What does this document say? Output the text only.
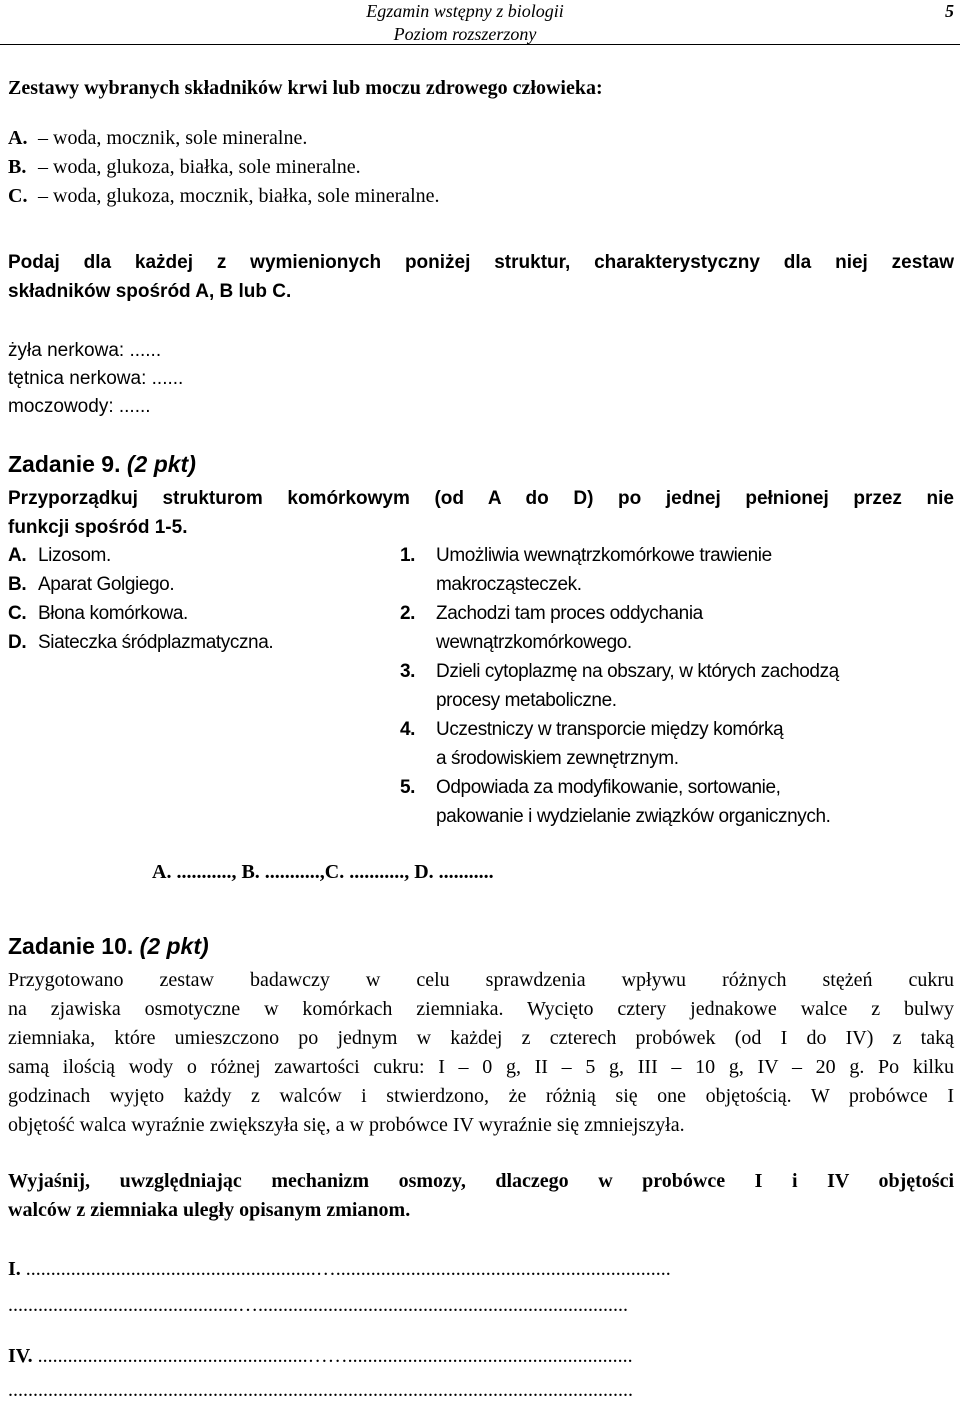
Egzamin wstępny z biologii
Poziom rozszerzony
5
Zestawy wybranych składników krwi lub moczu zdrowego człowieka:
A. – woda, mocznik, sole mineralne.
B. – woda, glukoza, białka, sole mineralne.
C. – woda, glukoza, mocznik, białka, sole mineralne.
Podaj dla każdej z wymienionych poniżej struktur, charakterystyczny dla niej zestaw
składników spośród A, B lub C.
żyła nerkowa: ......
tętnica nerkowa: ......
moczowody: ......
Zadanie 9. (2 pkt)
Przyporządkuj strukturom komórkowym (od A do D) po jednej pełnionej przez nie
funkcji spośród 1-5.
A. Lizosom.
B. Aparat Golgiego.
C. Błona komórkowa.
D. Siateczka śródplazmatyczna.
1. Umożliwia wewnątrzkomórkowe trawienie
makrocząsteczek.
2. Zachodzi tam proces oddychania
wewnątrzkomórkowego.
3. Dzieli cytoplazmę na obszary, w których zachodzą
procesy metaboliczne.
4. Uczestniczy w transporcie między komórką
a środowiskiem zewnętrznym.
5. Odpowiada za modyfikowanie, sortowanie,
pakowanie i wydzielanie związków organicznych.
A. ..........., B. ...........,C. ..........., D. ...........
Zadanie 10. (2 pkt)
Przygotowano zestaw badawczy w celu sprawdzenia wpływu różnych stężeń cukru
na zjawiska osmotyczne w komórkach ziemniaka. Wycięto cztery jednakowe walce z bulwy
ziemniaka, które umieszczono po jednym w każdej z czterech probówek (od I do IV) z taką
samą ilością wody o różnej zawartości cukru: I – 0 g, II – 5 g, III – 10 g, IV – 20 g. Po kilku
godzinach wyjęto każdy z walców i stwierdzono, że różnią się one objętością. W probówce I
objętość walca wyraźnie zwiększyła się, a w probówce IV wyraźnie się zmniejszyła.
Wyjaśnij, uwzględniając mechanizm osmozy, dlaczego w probówce I i IV objętości
walców z ziemniaka uległy opisanym zmianom.
I. ..........................................................…...................................................................
..............................................…..........................................................................
IV. ......................................................…….........................................................
.............................................................................................................................
